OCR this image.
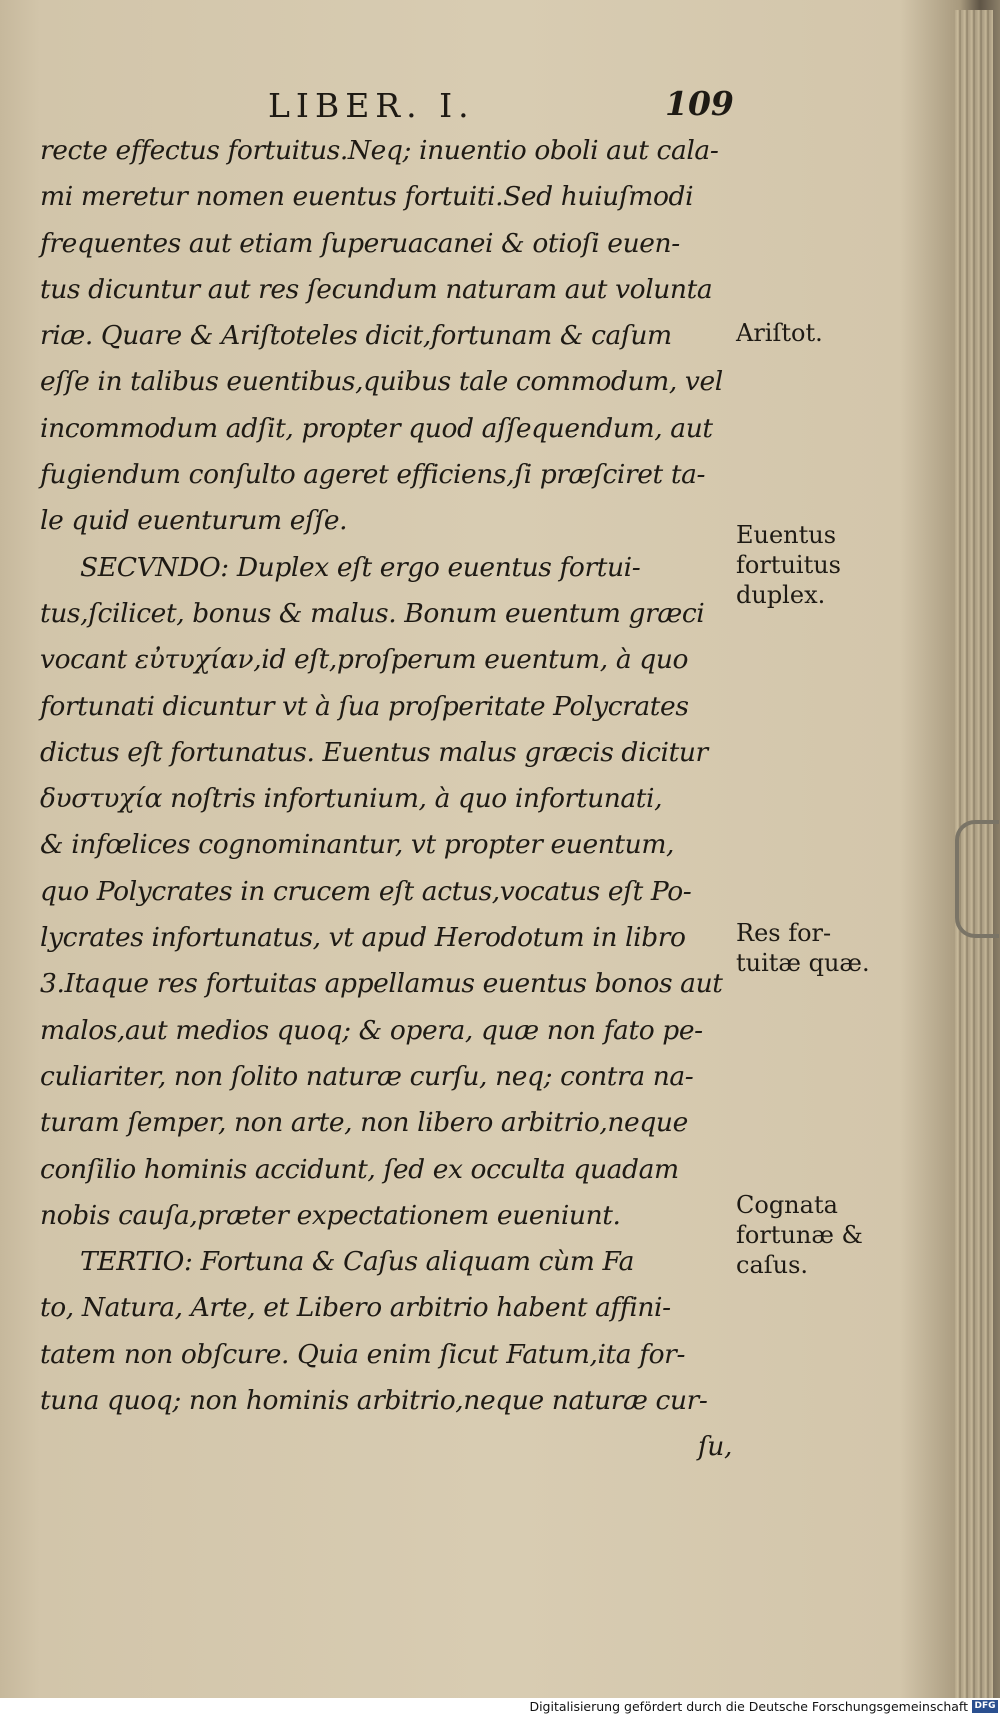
LIBER. I.	109
recte effectus fortuitus.Neq; inuentio oboli aut cala-
mi meretur nomen euentus fortuiti.Sed huiuſmodi
frequentes aut etiam ſuperuacanei & otioſi euen-
tus dicuntur aut res ſecundum naturam aut volunta
riæ. Quare & Ariſtoteles dicit,fortunam & caſum
eſſe in talibus euentibus,quibus tale commodum, vel
incommodum adſit, propter quod aſſequendum, aut
fugiendum conſulto ageret efficiens,ſi præſciret ta-
le quid euenturum eſſe.
SECVNDO: Duplex eſt ergo euentus fortui-
tus,ſcilicet, bonus & malus. Bonum euentum græci
vocant εὐτυχίαν,id eſt,proſperum euentum, à quo
fortunati dicuntur vt à ſua proſperitate Polycrates
dictus eſt fortunatus. Euentus malus græcis dicitur
δυστυχία noſtris infortunium, à quo infortunati,
& infœlices cognominantur, vt propter euentum,
quo Polycrates in crucem eſt actus,vocatus eſt Po-
lycrates infortunatus, vt apud Herodotum in libro
3.Itaque res fortuitas appellamus euentus bonos aut
malos,aut medios quoq; & opera, quæ non fato pe-
culiariter, non ſolito naturæ curſu, neq; contra na-
turam ſemper, non arte, non libero arbitrio,neque
conſilio hominis accidunt, ſed ex occulta quadam
nobis cauſa,præter expectationem eueniunt.
TERTIO: Fortuna & Caſus aliquam cùm Fa
to, Natura, Arte, et Libero arbitrio habent affini-
tatem non obſcure. Quia enim ſicut Fatum,ita for-
tuna quoq; non hominis arbitrio,neque naturæ cur-
ſu,
Ariſtot.
Euentus
fortuitus
duplex.
Res for-
tuitæ quæ.
Cognata
fortunæ &
caſus.
Digitalisierung gefördert durch die Deutsche Forschungsgemeinschaft DFG
